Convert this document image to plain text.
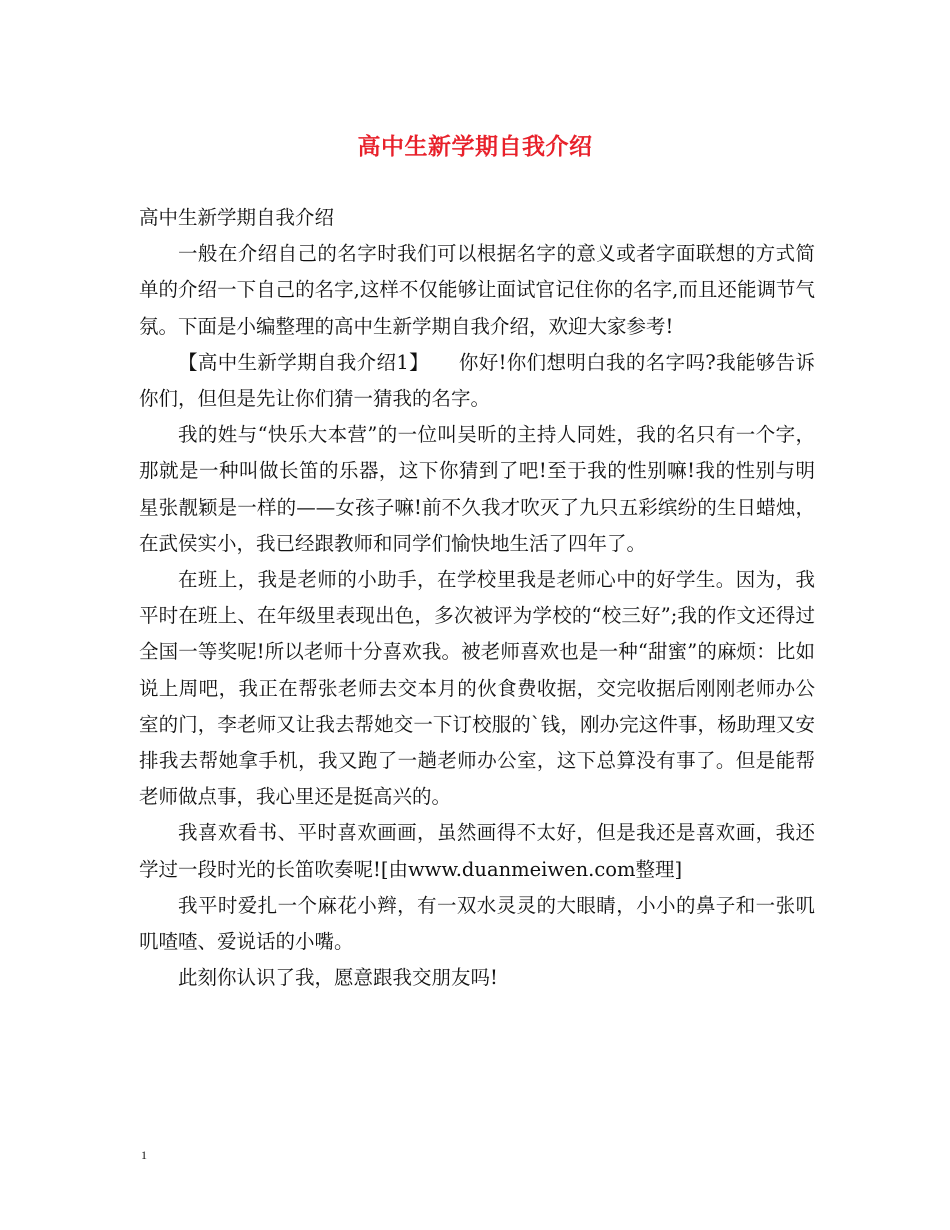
高中生新学期自我介绍

高中生新学期自我介绍

一般在介绍自己的名字时我们可以根据名字的意义或者字面联想的方式简单的介绍一下自己的名字,这样不仅能够让面试官记住你的名字,而且还能调节气氛。下面是小编整理的高中生新学期自我介绍，欢迎大家参考!

【高中生新学期自我介绍1】　　你好!你们想明白我的名字吗?我能够告诉你们，但但是先让你们猜一猜我的名字。

我的姓与“快乐大本营”的一位叫吴昕的主持人同姓，我的名只有一个字，那就是一种叫做长笛的乐器，这下你猜到了吧!至于我的性别嘛!我的性别与明星张靓颖是一样的——女孩子嘛!前不久我才吹灭了九只五彩缤纷的生日蜡烛，在武侯实小，我已经跟教师和同学们愉快地生活了四年了。

在班上，我是老师的小助手，在学校里我是老师心中的好学生。因为，我平时在班上、在年级里表现出色，多次被评为学校的“校三好”;我的作文还得过全国一等奖呢!所以老师十分喜欢我。被老师喜欢也是一种“甜蜜”的麻烦：比如说上周吧，我正在帮张老师去交本月的伙食费收据，交完收据后刚刚老师办公室的门，李老师又让我去帮她交一下订校服的`钱，刚办完这件事，杨助理又安排我去帮她拿手机，我又跑了一趟老师办公室，这下总算没有事了。但是能帮老师做点事，我心里还是挺高兴的。

我喜欢看书、平时喜欢画画，虽然画得不太好，但是我还是喜欢画，我还学过一段时光的长笛吹奏呢![由www.duanmeiwen.com整理]

我平时爱扎一个麻花小辫，有一双水灵灵的大眼睛，小小的鼻子和一张叽叽喳喳、爱说话的小嘴。

此刻你认识了我，愿意跟我交朋友吗!

1
